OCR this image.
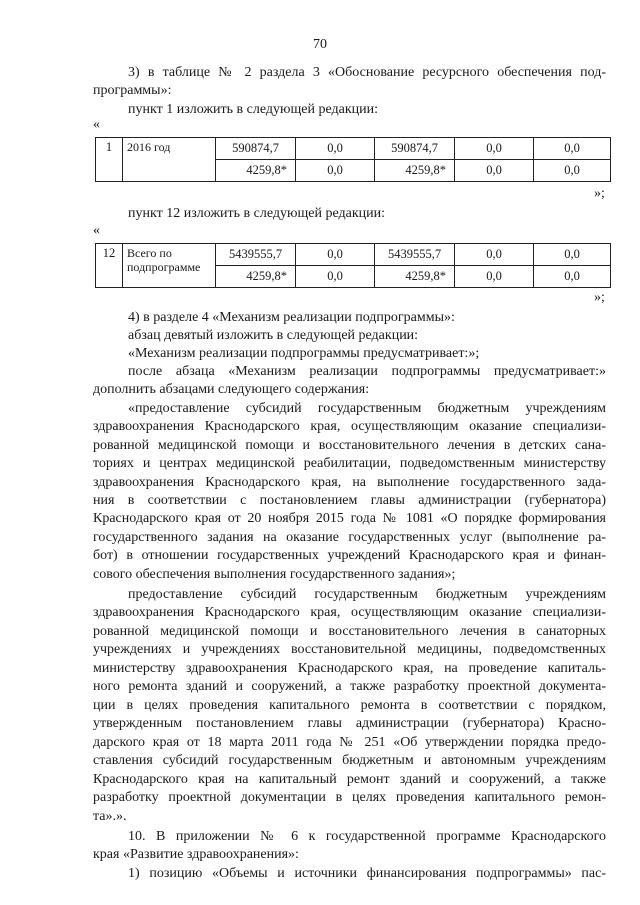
70
3) в таблице № 2 раздела 3 «Обоснование ресурсного обеспечения под-
программы»:
пункт 1 изложить в следующей редакции:
«
1	2016 год	590874,7	0,0	590874,7	0,0	0,0
		4259,8*	0,0	4259,8*	0,0	0,0
»;
пункт 12 изложить в следующей редакции:
«
12	Всего по подпрограмме	5439555,7	0,0	5439555,7	0,0	0,0
		4259,8*	0,0	4259,8*	0,0	0,0
»;
4) в разделе 4 «Механизм реализации подпрограммы»:
абзац девятый изложить в следующей редакции:
«Механизм реализации подпрограммы предусматривает:»;
после абзаца «Механизм реализации подпрограммы предусматривает:»
дополнить абзацами следующего содержания:
«предоставление субсидий государственным бюджетным учреждениям
здравоохранения Краснодарского края, осуществляющим оказание специализи-
рованной медицинской помощи и восстановительного лечения в детских сана-
ториях и центрах медицинской реабилитации, подведомственным министерству
здравоохранения Краснодарского края, на выполнение государственного зада-
ния в соответствии с постановлением главы администрации (губернатора)
Краснодарского края от 20 ноября 2015 года № 1081 «О порядке формирования
государственного задания на оказание государственных услуг (выполнение ра-
бот) в отношении государственных учреждений Краснодарского края и финан-
сового обеспечения выполнения государственного задания»;
предоставление субсидий государственным бюджетным учреждениям
здравоохранения Краснодарского края, осуществляющим оказание специализи-
рованной медицинской помощи и восстановительного лечения в санаторных
учреждениях и учреждениях восстановительной медицины, подведомственных
министерству здравоохранения Краснодарского края, на проведение капиталь-
ного ремонта зданий и сооружений, а также разработку проектной документа-
ции в целях проведения капитального ремонта в соответствии с порядком,
утвержденным постановлением главы администрации (губернатора) Красно-
дарского края от 18 марта 2011 года № 251 «Об утверждении порядка предо-
ставления субсидий государственным бюджетным и автономным учреждениям
Краснодарского края на капитальный ремонт зданий и сооружений, а также
разработку проектной документации в целях проведения капитального ремон-
та».».
10. В приложении № 6 к государственной программе Краснодарского
края «Развитие здравоохранения»:
1) позицию «Объемы и источники финансирования подпрограммы» пас-
